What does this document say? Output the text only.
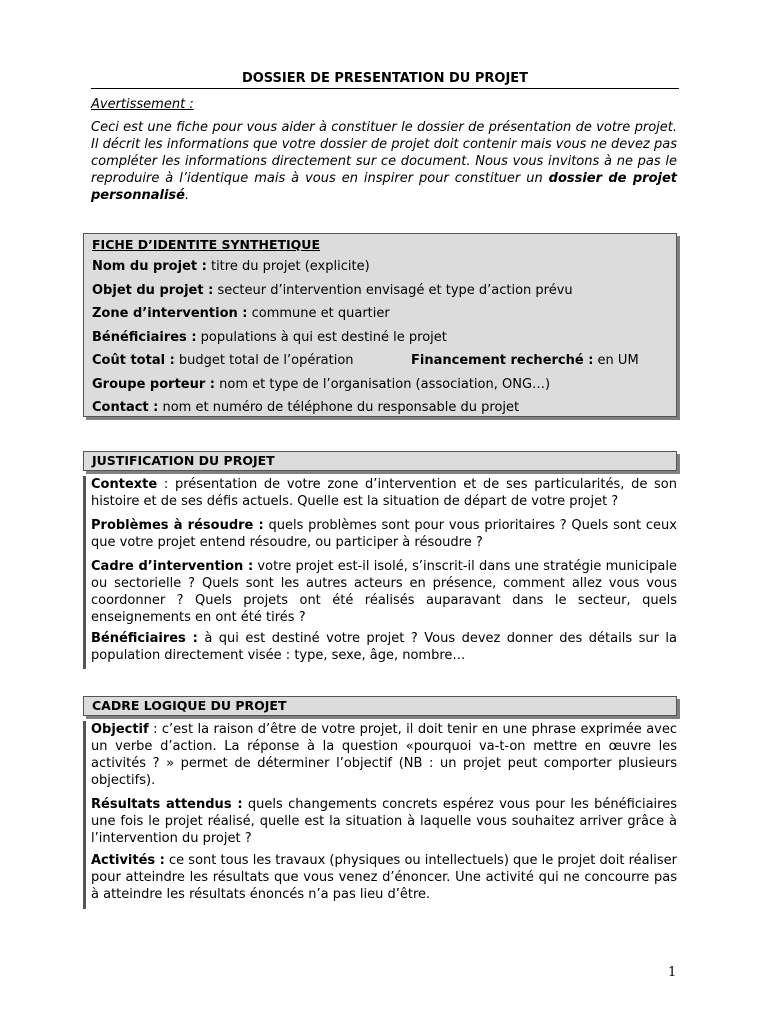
DOSSIER DE PRESENTATION DU PROJET
Avertissement :
Ceci est une fiche pour vous aider à constituer le dossier de présentation de votre projet. Il décrit les informations que votre dossier de projet doit contenir mais vous ne devez pas compléter les informations directement sur ce document. Nous vous invitons à ne pas le reproduire à l’identique mais à vous en inspirer pour constituer un dossier de projet personnalisé.
FICHE D’IDENTITE SYNTHETIQUE
Nom du projet : titre du projet (explicite)
Objet du projet : secteur d’intervention envisagé et type d’action prévu
Zone d’intervention : commune et quartier
Bénéficiaires : populations à qui est destiné le projet
Coût total : budget total de l’opération	Financement recherché : en UM
Groupe porteur : nom et type de l’organisation (association, ONG…)
Contact : nom et numéro de téléphone du responsable du projet
JUSTIFICATION DU PROJET
Contexte : présentation de votre zone d’intervention et de ses particularités, de son histoire et de ses défis actuels. Quelle est la situation de départ de votre projet ?
Problèmes à résoudre : quels problèmes sont pour vous prioritaires ? Quels sont ceux que votre projet entend résoudre, ou participer à résoudre ?
Cadre d’intervention : votre projet est-il isolé, s’inscrit-il dans une stratégie municipale ou sectorielle ? Quels sont les autres acteurs en présence, comment allez vous vous coordonner ? Quels projets ont été réalisés auparavant dans le secteur, quels enseignements en ont été tirés ?
Bénéficiaires : à qui est destiné votre projet ? Vous devez donner des détails sur la population directement visée : type, sexe, âge, nombre…
CADRE LOGIQUE DU PROJET
Objectif : c’est la raison d’être de votre projet, il doit tenir en une phrase exprimée avec un verbe d’action. La réponse à la question «pourquoi va-t-on mettre en œuvre les activités ? » permet de déterminer l’objectif (NB : un projet peut comporter plusieurs objectifs).
Résultats attendus : quels changements concrets espérez vous pour les bénéficiaires une fois le projet réalisé, quelle est la situation à laquelle vous souhaitez arriver grâce à l’intervention du projet ?
Activités : ce sont tous les travaux (physiques ou intellectuels) que le projet doit réaliser pour atteindre les résultats que vous venez d’énoncer. Une activité qui ne concourre pas à atteindre les résultats énoncés n’a pas lieu d’être.
1
